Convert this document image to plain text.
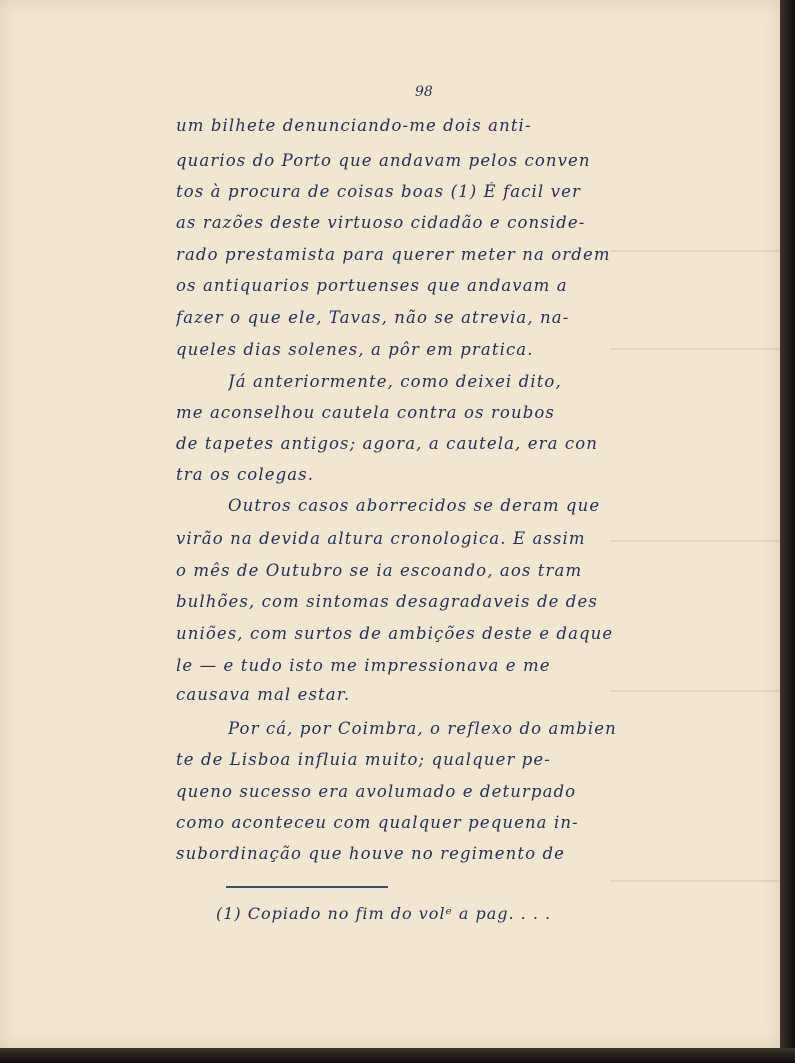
98
um bilhete denunciando-me dois anti-
quarios do Porto que andavam pelos conven
tos à procura de coisas boas (1) É facil ver
as razões deste virtuoso cidadão e conside-
rado prestamista para querer meter na ordem
os antiquarios portuenses que andavam a
fazer o que ele, Tavas, não se atrevia, na-
queles dias solenes, a pôr em pratica.
Já anteriormente, como deixei dito,
me aconselhou cautela contra os roubos
de tapetes antigos; agora, a cautela, era con
tra os colegas.
Outros casos aborrecidos se deram que
virão na devida altura cronologica. E assim
o mês de Outubro se ia escoando, aos tram
bulhões, com sintomas desagradaveis de des
uniões, com surtos de ambições deste e daque
le — e tudo isto me impressionava e me
causava mal estar.
Por cá, por Coimbra, o reflexo do ambien
te de Lisboa influia muito; qualquer pe-
queno sucesso era avolumado e deturpado
como aconteceu com qualquer pequena in-
subordinação que houve no regimento de
(1) Copiado no fim do volᵉ a pag. . . .
